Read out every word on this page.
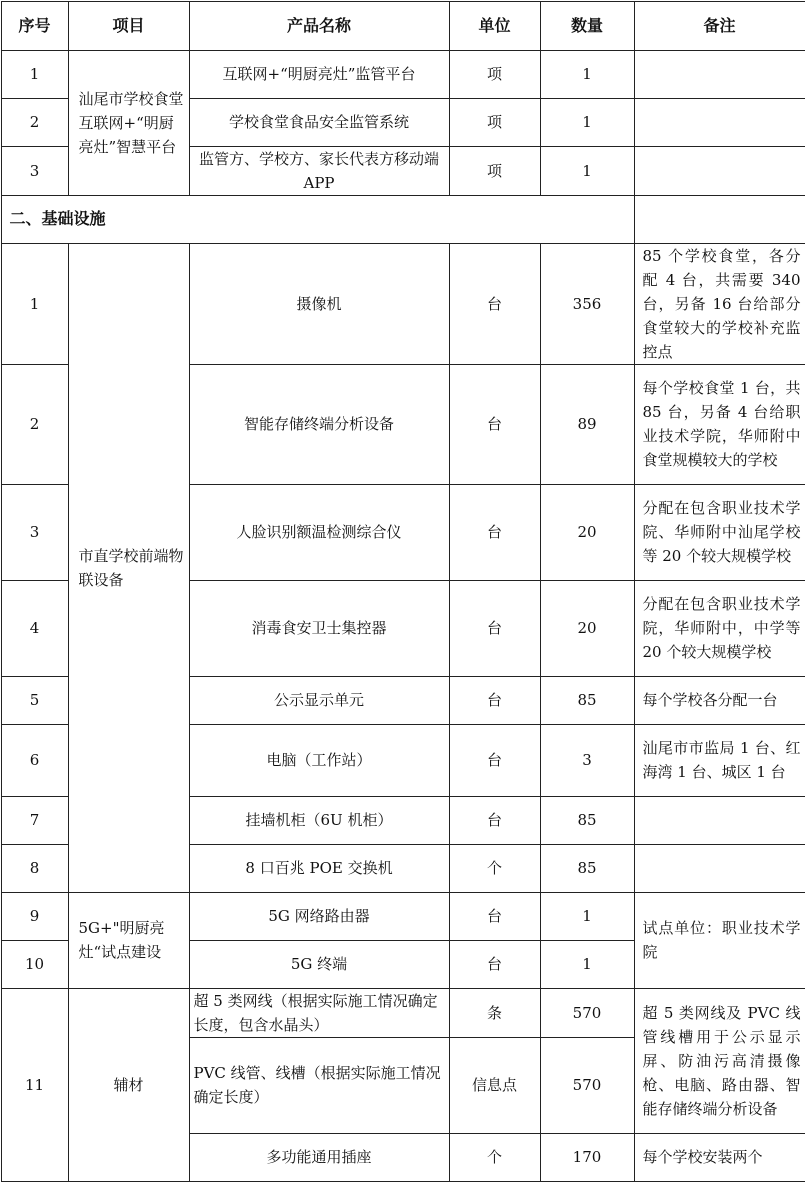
序号	项目	产品名称	单位	数量	备注
1	汕尾市学校食堂互联网+“明厨亮灶”智慧平台	互联网+“明厨亮灶”监管平台	项	1	
2		学校食堂食品安全监管系统	项	1	
3		监管方、学校方、家长代表方移动端 APP	项	1	
二、基础设施					
1	市直学校前端物联设备	摄像机	台	356	85 个学校食堂，各分配 4 台，共需要 340 台，另备 16 台给部分食堂较大的学校补充监控点
2		智能存储终端分析设备	台	89	每个学校食堂 1 台，共 85 台，另备 4 台给职业技术学院，华师附中食堂规模较大的学校
3		人脸识别额温检测综合仪	台	20	分配在包含职业技术学院、华师附中汕尾学校等 20 个较大规模学校
4		消毒食安卫士集控器	台	20	分配在包含职业技术学院，华师附中，中学等 20 个较大规模学校
5		公示显示单元	台	85	每个学校各分配一台
6		电脑（工作站）	台	3	汕尾市市监局 1 台、红海湾 1 台、城区 1 台
7		挂墙机柜（6U 机柜）	台	85	
8		8 口百兆 POE 交换机	个	85	
9	5G+"明厨亮灶“试点建设	5G 网络路由器	台	1	试点单位：职业技术学院
10		5G 终端	台	1	
11	辅材	超 5 类网线（根据实际施工情况确定长度，包含水晶头）	条	570	超 5 类网线及 PVC 线管线槽用于公示显示屏、防油污高清摄像枪、电脑、路由器、智能存储终端分析设备
		PVC 线管、线槽（根据实际施工情况确定长度）	信息点	570	
		多功能通用插座	个	170	每个学校安装两个
